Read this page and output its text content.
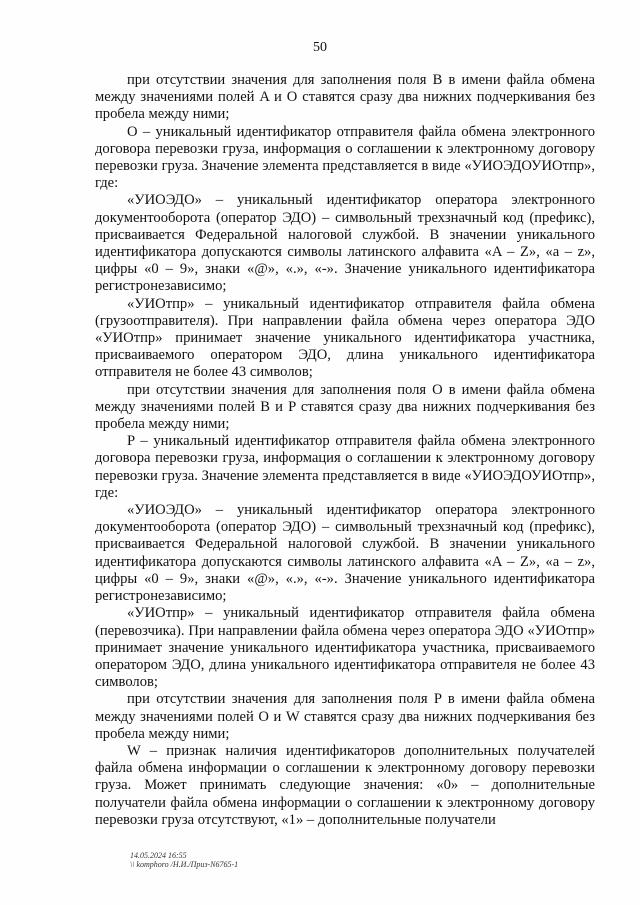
50

при отсутствии значения для заполнения поля B в имени файла обмена между значениями полей A и O ставятся сразу два нижних подчеркивания без пробела между ними;

O – уникальный идентификатор отправителя файла обмена электронного договора перевозки груза, информация о соглашении к электронному договору перевозки груза. Значение элемента представляется в виде «УИОЭДОУИОтпр», где:

«УИОЭДО» – уникальный идентификатор оператора электронного документооборота (оператор ЭДО) – символьный трехзначный код (префикс), присваивается Федеральной налоговой службой. В значении уникального идентификатора допускаются символы латинского алфавита «A – Z», «a – z», цифры «0 – 9», знаки «@», «.», «-». Значение уникального идентификатора регистронезависимо;

«УИОтпр» – уникальный идентификатор отправителя файла обмена (грузоотправителя). При направлении файла обмена через оператора ЭДО «УИОтпр» принимает значение уникального идентификатора участника, присваиваемого оператором ЭДО, длина уникального идентификатора отправителя не более 43 символов;

при отсутствии значения для заполнения поля O в имени файла обмена между значениями полей B и P ставятся сразу два нижних подчеркивания без пробела между ними;

P – уникальный идентификатор отправителя файла обмена электронного договора перевозки груза, информация о соглашении к электронному договору перевозки груза. Значение элемента представляется в виде «УИОЭДОУИОтпр», где:

«УИОЭДО» – уникальный идентификатор оператора электронного документооборота (оператор ЭДО) – символьный трехзначный код (префикс), присваивается Федеральной налоговой службой. В значении уникального идентификатора допускаются символы латинского алфавита «A – Z», «a – z», цифры «0 – 9», знаки «@», «.», «-». Значение уникального идентификатора регистронезависимо;

«УИОтпр» – уникальный идентификатор отправителя файла обмена (перевозчика). При направлении файла обмена через оператора ЭДО «УИОтпр» принимает значение уникального идентификатора участника, присваиваемого оператором ЭДО, длина уникального идентификатора отправителя не более 43 символов;

при отсутствии значения для заполнения поля P в имени файла обмена между значениями полей O и W ставятся сразу два нижних подчеркивания без пробела между ними;

W – признак наличия идентификаторов дополнительных получателей файла обмена информации о соглашении к электронному договору перевозки груза. Может принимать следующие значения: «0» – дополнительные получатели файла обмена информации о соглашении к электронному договору перевозки груза отсутствуют, «1» – дополнительные получатели

14.05.2024 16:55
\\ komphoro /Н.И./Приз-N6765-1
